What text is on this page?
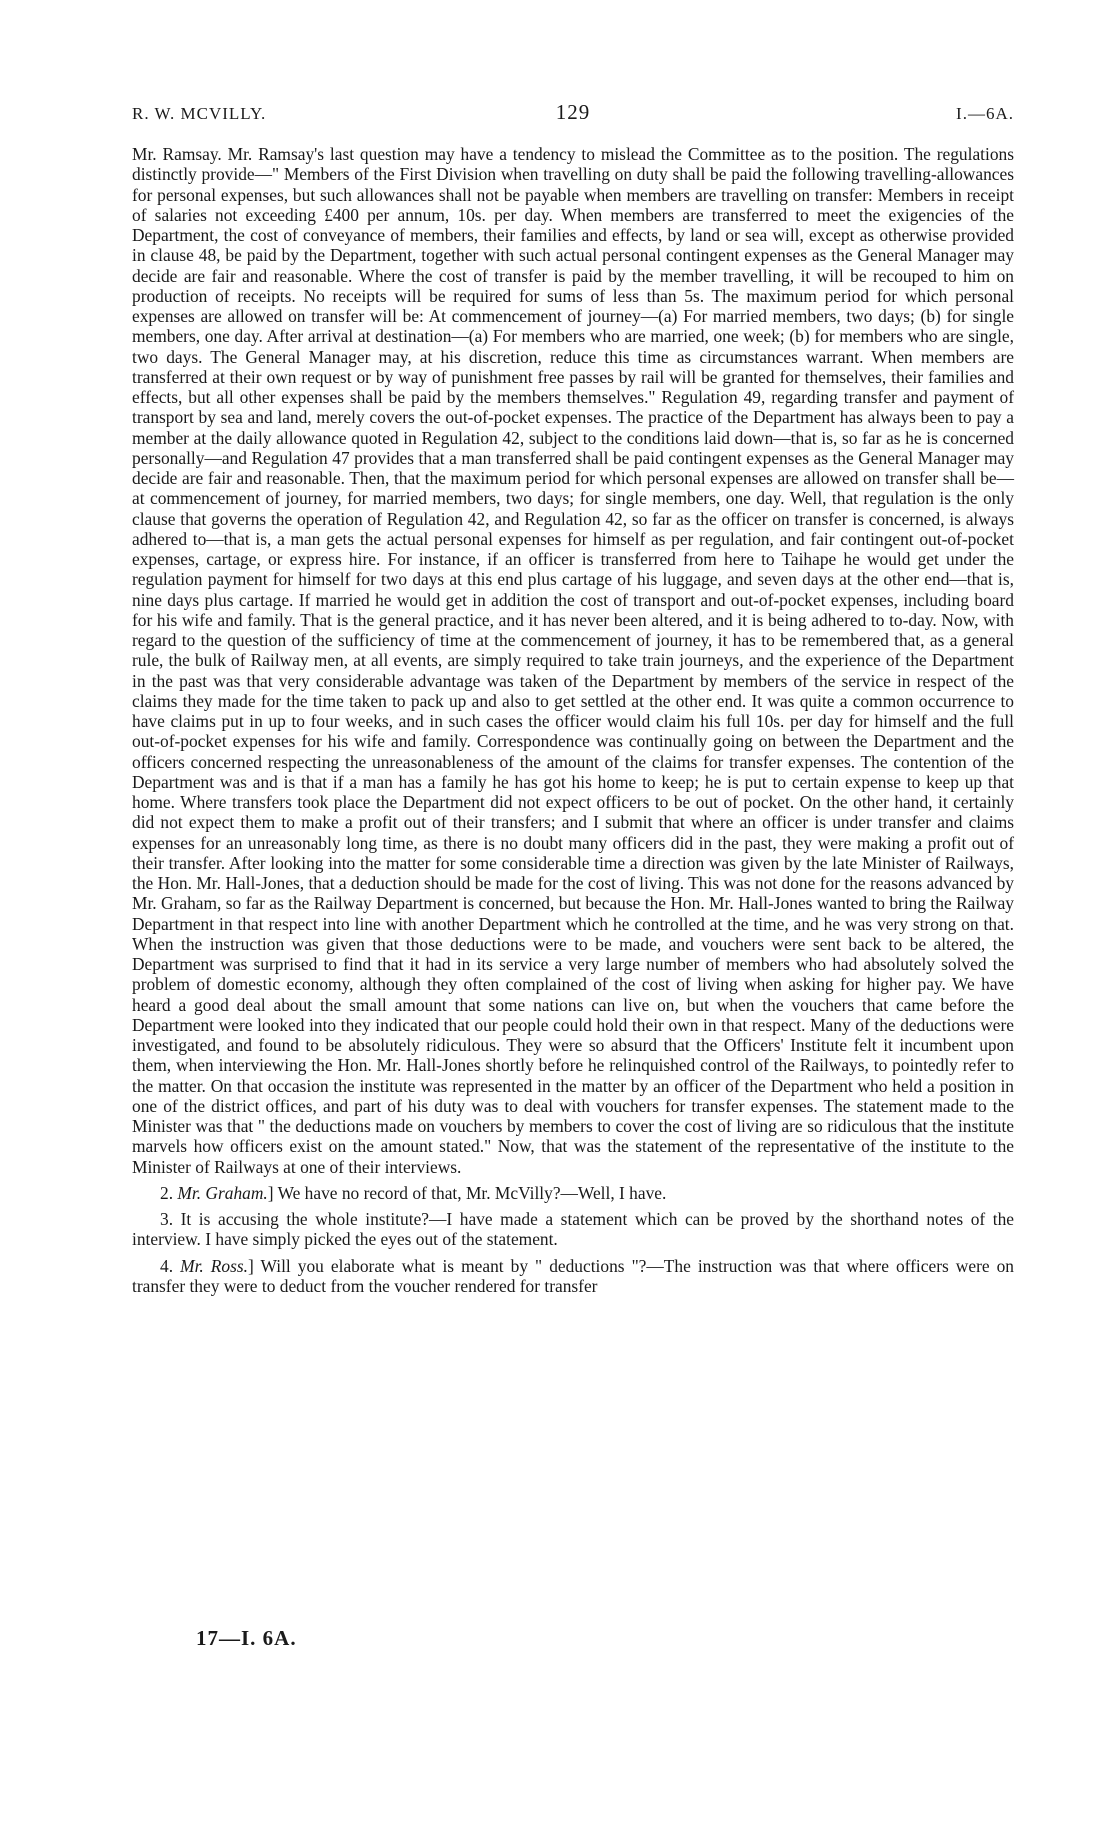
R. W. MCVILLY.	129	I.—6A.

Mr. Ramsay. Mr. Ramsay's last question may have a tendency to mislead the Committee as to the position. The regulations distinctly provide—" Members of the First Division when travelling on duty shall be paid the following travelling-allowances for personal expenses, but such allowances shall not be payable when members are travelling on transfer: Members in receipt of salaries not exceeding £400 per annum, 10s. per day. When members are transferred to meet the exigencies of the Department, the cost of conveyance of members, their families and effects, by land or sea will, except as otherwise provided in clause 48, be paid by the Department, together with such actual personal contingent expenses as the General Manager may decide are fair and reasonable. Where the cost of transfer is paid by the member travelling, it will be recouped to him on production of receipts. No receipts will be required for sums of less than 5s. The maximum period for which personal expenses are allowed on transfer will be: At commencement of journey—(a) For married members, two days; (b) for single members, one day. After arrival at destination—(a) For members who are married, one week; (b) for members who are single, two days. The General Manager may, at his discretion, reduce this time as circumstances warrant. When members are transferred at their own request or by way of punishment free passes by rail will be granted for themselves, their families and effects, but all other expenses shall be paid by the members themselves." Regulation 49, regarding transfer and payment of transport by sea and land, merely covers the out-of-pocket expenses. The practice of the Department has always been to pay a member at the daily allowance quoted in Regulation 42, subject to the conditions laid down—that is, so far as he is concerned personally—and Regulation 47 provides that a man transferred shall be paid contingent expenses as the General Manager may decide are fair and reasonable. Then, that the maximum period for which personal expenses are allowed on transfer shall be—at commencement of journey, for married members, two days; for single members, one day. Well, that regulation is the only clause that governs the operation of Regulation 42, and Regulation 42, so far as the officer on transfer is concerned, is always adhered to—that is, a man gets the actual personal expenses for himself as per regulation, and fair contingent out-of-pocket expenses, cartage, or express hire. For instance, if an officer is transferred from here to Taihape he would get under the regulation payment for himself for two days at this end plus cartage of his luggage, and seven days at the other end—that is, nine days plus cartage. If married he would get in addition the cost of transport and out-of-pocket expenses, including board for his wife and family. That is the general practice, and it has never been altered, and it is being adhered to to-day. Now, with regard to the question of the sufficiency of time at the commencement of journey, it has to be remembered that, as a general rule, the bulk of Railway men, at all events, are simply required to take train journeys, and the experience of the Department in the past was that very considerable advantage was taken of the Department by members of the service in respect of the claims they made for the time taken to pack up and also to get settled at the other end. It was quite a common occurrence to have claims put in up to four weeks, and in such cases the officer would claim his full 10s. per day for himself and the full out-of-pocket expenses for his wife and family. Correspondence was continually going on between the Department and the officers concerned respecting the unreasonableness of the amount of the claims for transfer expenses. The contention of the Department was and is that if a man has a family he has got his home to keep; he is put to certain expense to keep up that home. Where transfers took place the Department did not expect officers to be out of pocket. On the other hand, it certainly did not expect them to make a profit out of their transfers; and I submit that where an officer is under transfer and claims expenses for an unreasonably long time, as there is no doubt many officers did in the past, they were making a profit out of their transfer. After looking into the matter for some considerable time a direction was given by the late Minister of Railways, the Hon. Mr. Hall-Jones, that a deduction should be made for the cost of living. This was not done for the reasons advanced by Mr. Graham, so far as the Railway Department is concerned, but because the Hon. Mr. Hall-Jones wanted to bring the Railway Department in that respect into line with another Department which he controlled at the time, and he was very strong on that. When the instruction was given that those deductions were to be made, and vouchers were sent back to be altered, the Department was surprised to find that it had in its service a very large number of members who had absolutely solved the problem of domestic economy, although they often complained of the cost of living when asking for higher pay. We have heard a good deal about the small amount that some nations can live on, but when the vouchers that came before the Department were looked into they indicated that our people could hold their own in that respect. Many of the deductions were investigated, and found to be absolutely ridiculous. They were so absurd that the Officers' Institute felt it incumbent upon them, when interviewing the Hon. Mr. Hall-Jones shortly before he relinquished control of the Railways, to pointedly refer to the matter. On that occasion the institute was represented in the matter by an officer of the Department who held a position in one of the district offices, and part of his duty was to deal with vouchers for transfer expenses. The statement made to the Minister was that " the deductions made on vouchers by members to cover the cost of living are so ridiculous that the institute marvels how officers exist on the amount stated." Now, that was the statement of the representative of the institute to the Minister of Railways at one of their interviews.

2. Mr. Graham.] We have no record of that, Mr. McVilly?—Well, I have.

3. It is accusing the whole institute?—I have made a statement which can be proved by the shorthand notes of the interview. I have simply picked the eyes out of the statement.

4. Mr. Ross.] Will you elaborate what is meant by " deductions "?—The instruction was that where officers were on transfer they were to deduct from the voucher rendered for transfer

17—I. 6A.
